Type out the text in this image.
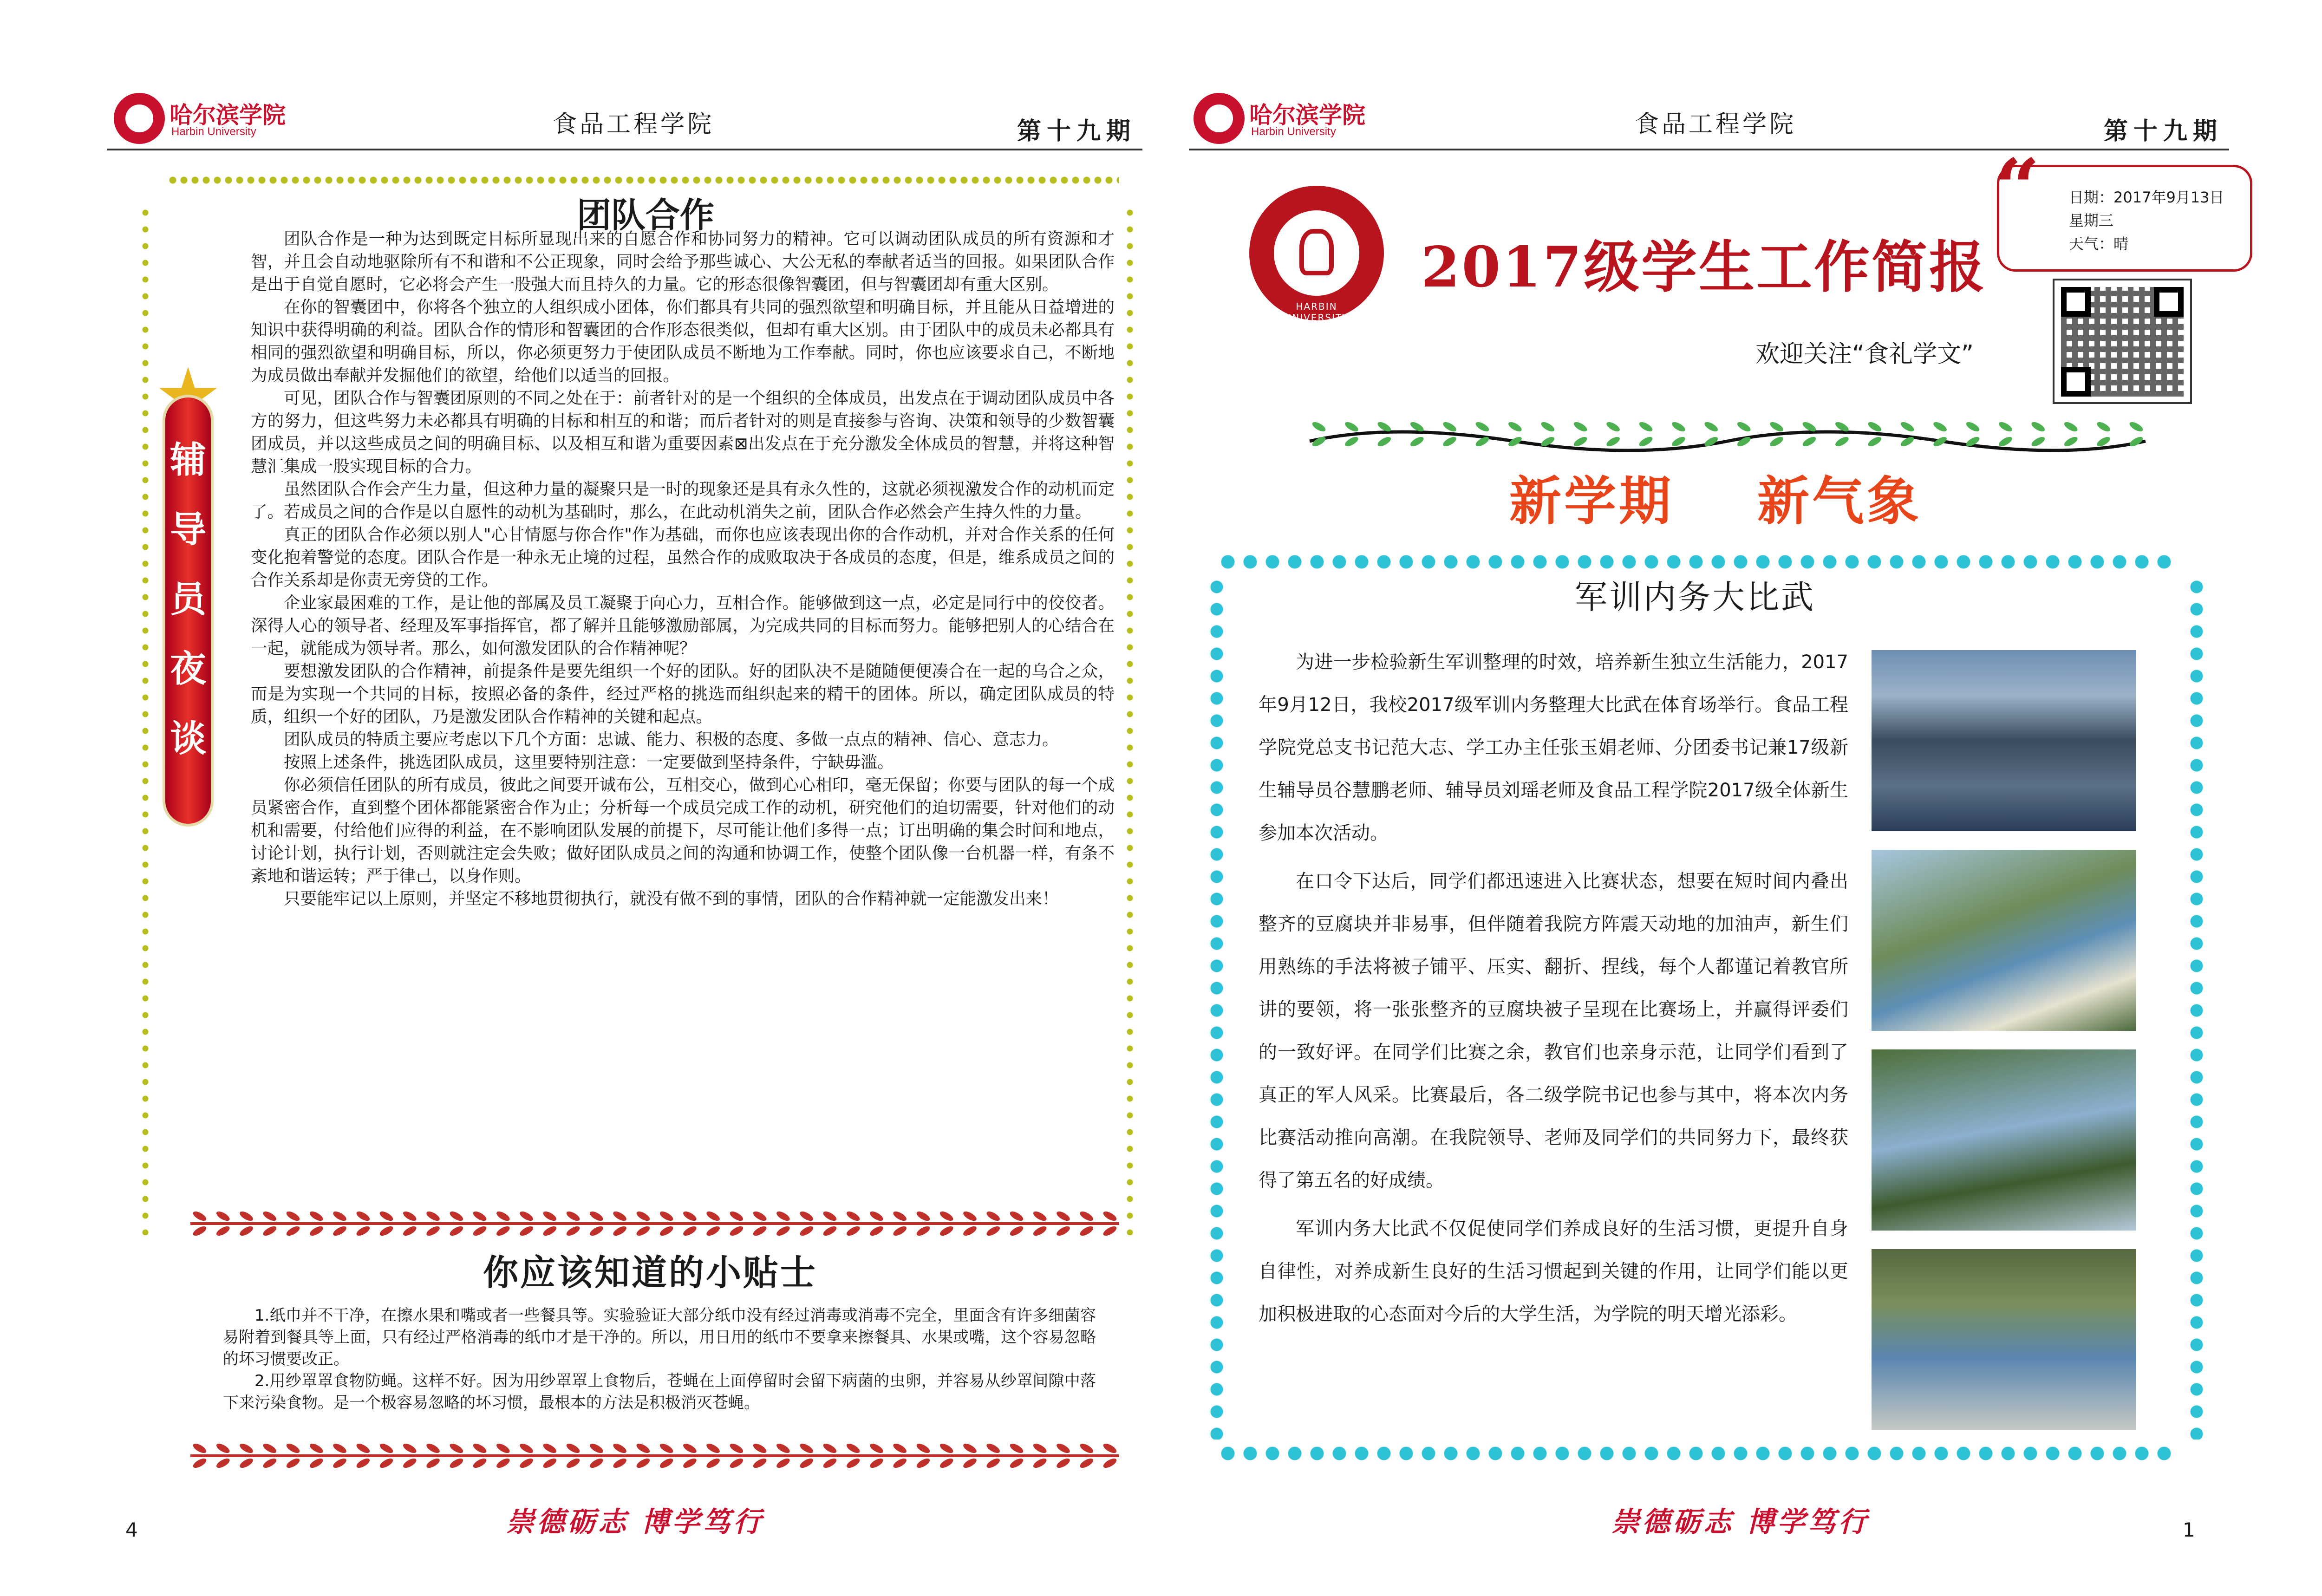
哈尔滨学院
Harbin University	食品工程学院	第十九期
辅
导
员
夜
谈
团队合作

团队合作是一种为达到既定目标所显现出来的自愿合作和协同努力的精神。它可以调动团队成员的所有资源和才智，并且会自动地驱除所有不和谐和不公正现象，同时会给予那些诚心、大公无私的奉献者适当的回报。如果团队合作是出于自觉自愿时，它必将会产生一股强大而且持久的力量。它的形态很像智囊团，但与智囊团却有重大区别。

在你的智囊团中，你将各个独立的人组织成小团体，你们都具有共同的强烈欲望和明确目标，并且能从日益增进的知识中获得明确的利益。团队合作的情形和智囊团的合作形态很类似，但却有重大区别。由于团队中的成员未必都具有相同的强烈欲望和明确目标，所以，你必须更努力于使团队成员不断地为工作奉献。同时，你也应该要求自己，不断地为成员做出奉献并发掘他们的欲望，给他们以适当的回报。

可见，团队合作与智囊团原则的不同之处在于：前者针对的是一个组织的全体成员，出发点在于调动团队成员中各方的努力，但这些努力未必都具有明确的目标和相互的和谐；而后者针对的则是直接参与咨询、决策和领导的少数智囊团成员，并以这些成员之间的明确目标、以及相互和谐为重要因素⊠出发点在于充分激发全体成员的智慧，并将这种智慧汇集成一股实现目标的合力。

虽然团队合作会产生力量，但这种力量的凝聚只是一时的现象还是具有永久性的，这就必须视激发合作的动机而定了。若成员之间的合作是以自愿性的动机为基础时，那么，在此动机消失之前，团队合作必然会产生持久性的力量。

真正的团队合作必须以别人"心甘情愿与你合作"作为基础，而你也应该表现出你的合作动机，并对合作关系的任何变化抱着警觉的态度。团队合作是一种永无止境的过程，虽然合作的成败取决于各成员的态度，但是，维系成员之间的合作关系却是你责无旁贷的工作。

企业家最困难的工作，是让他的部属及员工凝聚于向心力，互相合作。能够做到这一点，必定是同行中的佼佼者。深得人心的领导者、经理及军事指挥官，都了解并且能够激励部属，为完成共同的目标而努力。能够把别人的心结合在一起，就能成为领导者。那么，如何激发团队的合作精神呢？

要想激发团队的合作精神，前提条件是要先组织一个好的团队。好的团队决不是随随便便凑合在一起的乌合之众，而是为实现一个共同的目标，按照必备的条件，经过严格的挑选而组织起来的精干的团体。所以，确定团队成员的特质，组织一个好的团队，乃是激发团队合作精神的关键和起点。

团队成员的特质主要应考虑以下几个方面：忠诚、能力、积极的态度、多做一点点的精神、信心、意志力。

按照上述条件，挑选团队成员，这里要特别注意：一定要做到坚持条件，宁缺毋滥。

你必须信任团队的所有成员，彼此之间要开诚布公，互相交心，做到心心相印，毫无保留；你要与团队的每一个成员紧密合作，直到整个团体都能紧密合作为止；分析每一个成员完成工作的动机，研究他们的迫切需要，针对他们的动机和需要，付给他们应得的利益，在不影响团队发展的前提下，尽可能让他们多得一点；订出明确的集会时间和地点，讨论计划，执行计划，否则就注定会失败；做好团队成员之间的沟通和协调工作，使整个团队像一台机器一样，有条不紊地和谐运转；严于律己，以身作则。

只要能牢记以上原则，并坚定不移地贯彻执行，就没有做不到的事情，团队的合作精神就一定能激发出来！

你应该知道的小贴士

1.纸巾并不干净，在擦水果和嘴或者一些餐具等。实验验证大部分纸巾没有经过消毒或消毒不完全，里面含有许多细菌容易附着到餐具等上面，只有经过严格消毒的纸巾才是干净的。所以，用日用的纸巾不要拿来擦餐具、水果或嘴，这个容易忽略的坏习惯要改正。

2.用纱罩罩食物防蝇。这样不好。因为用纱罩罩上食物后，苍蝇在上面停留时会留下病菌的虫卵，并容易从纱罩间隙中落下来污染食物。是一个极容易忽略的坏习惯，最根本的方法是积极消灭苍蝇。

崇德砺志 博学笃行
4
哈尔滨学院
Harbin University	食品工程学院	第十九期
HARBIN UNIVERSITY
2017级学生工作简报
“ 日期：2017年9月13日
星期三
天气：晴
欢迎关注“食礼学文”
新学期    新气象
军训内务大比武

为进一步检验新生军训整理的时效，培养新生独立生活能力，2017年9月12日，我校2017级军训内务整理大比武在体育场举行。食品工程学院党总支书记范大志、学工办主任张玉娟老师、分团委书记兼17级新生辅导员谷慧鹏老师、辅导员刘瑶老师及食品工程学院2017级全体新生参加本次活动。

在口令下达后，同学们都迅速进入比赛状态，想要在短时间内叠出整齐的豆腐块并非易事，但伴随着我院方阵震天动地的加油声，新生们用熟练的手法将被子铺平、压实、翻折、捏线，每个人都谨记着教官所讲的要领，将一张张整齐的豆腐块被子呈现在比赛场上，并赢得评委们的一致好评。在同学们比赛之余，教官们也亲身示范，让同学们看到了真正的军人风采。比赛最后，各二级学院书记也参与其中，将本次内务比赛活动推向高潮。在我院领导、老师及同学们的共同努力下，最终获得了第五名的好成绩。

军训内务大比武不仅促使同学们养成良好的生活习惯，更提升自身自律性，对养成新生良好的生活习惯起到关键的作用，让同学们能以更加积极进取的心态面对今后的大学生活，为学院的明天增光添彩。

崇德砺志 博学笃行	1
